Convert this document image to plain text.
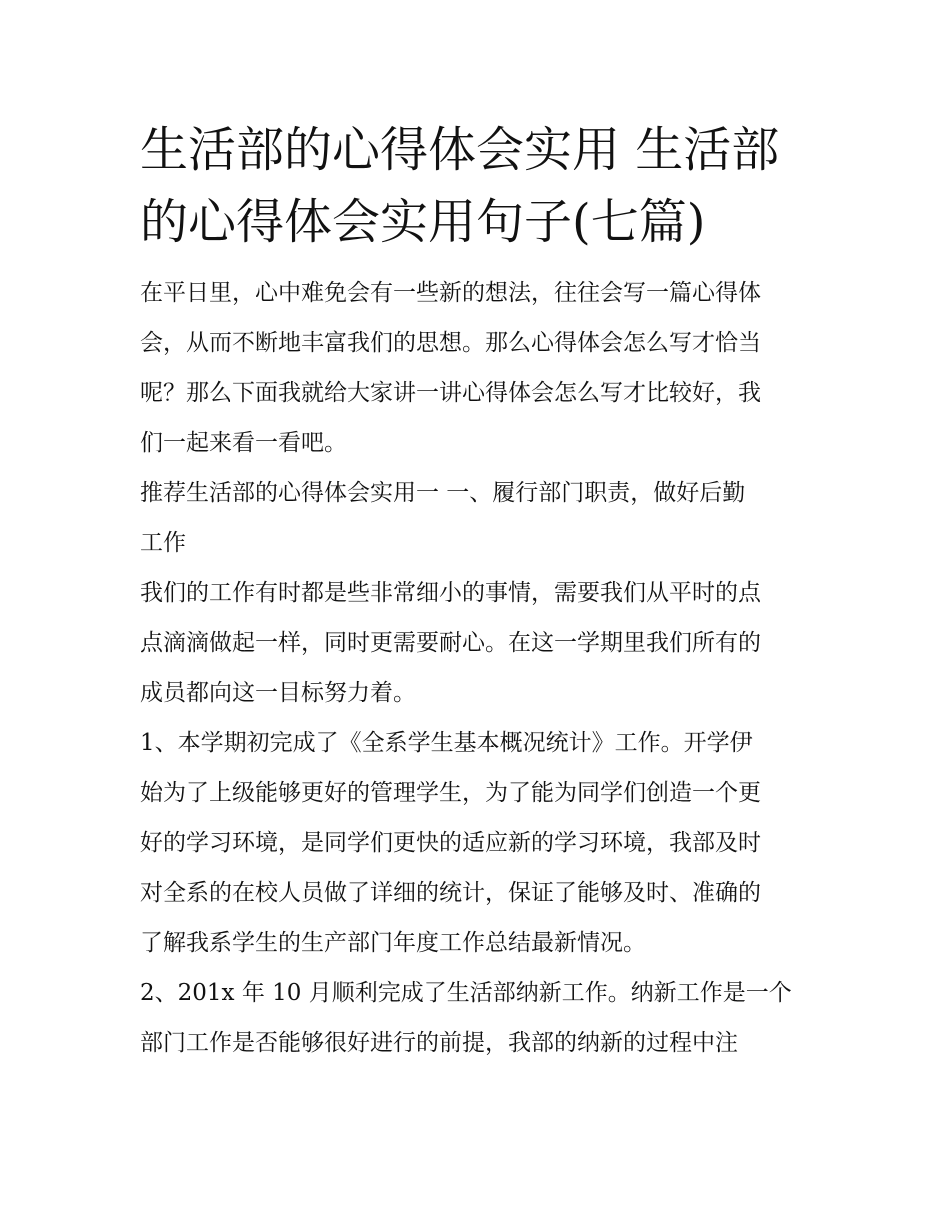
生活部的心得体会实用 生活部
的心得体会实用句子(七篇)

在平日里，心中难免会有一些新的想法，往往会写一篇心得体
会，从而不断地丰富我们的思想。那么心得体会怎么写才恰当
呢？那么下面我就给大家讲一讲心得体会怎么写才比较好，我
们一起来看一看吧。

推荐生活部的心得体会实用一 一、履行部门职责，做好后勤
工作

我们的工作有时都是些非常细小的事情，需要我们从平时的点
点滴滴做起一样，同时更需要耐心。在这一学期里我们所有的
成员都向这一目标努力着。

1、本学期初完成了《全系学生基本概况统计》工作。开学伊
始为了上级能够更好的管理学生，为了能为同学们创造一个更
好的学习环境，是同学们更快的适应新的学习环境，我部及时
对全系的在校人员做了详细的统计，保证了能够及时、准确的
了解我系学生的生产部门年度工作总结最新情况。

2、201x 年 10 月顺利完成了生活部纳新工作。纳新工作是一个
部门工作是否能够很好进行的前提，我部的纳新的过程中注
